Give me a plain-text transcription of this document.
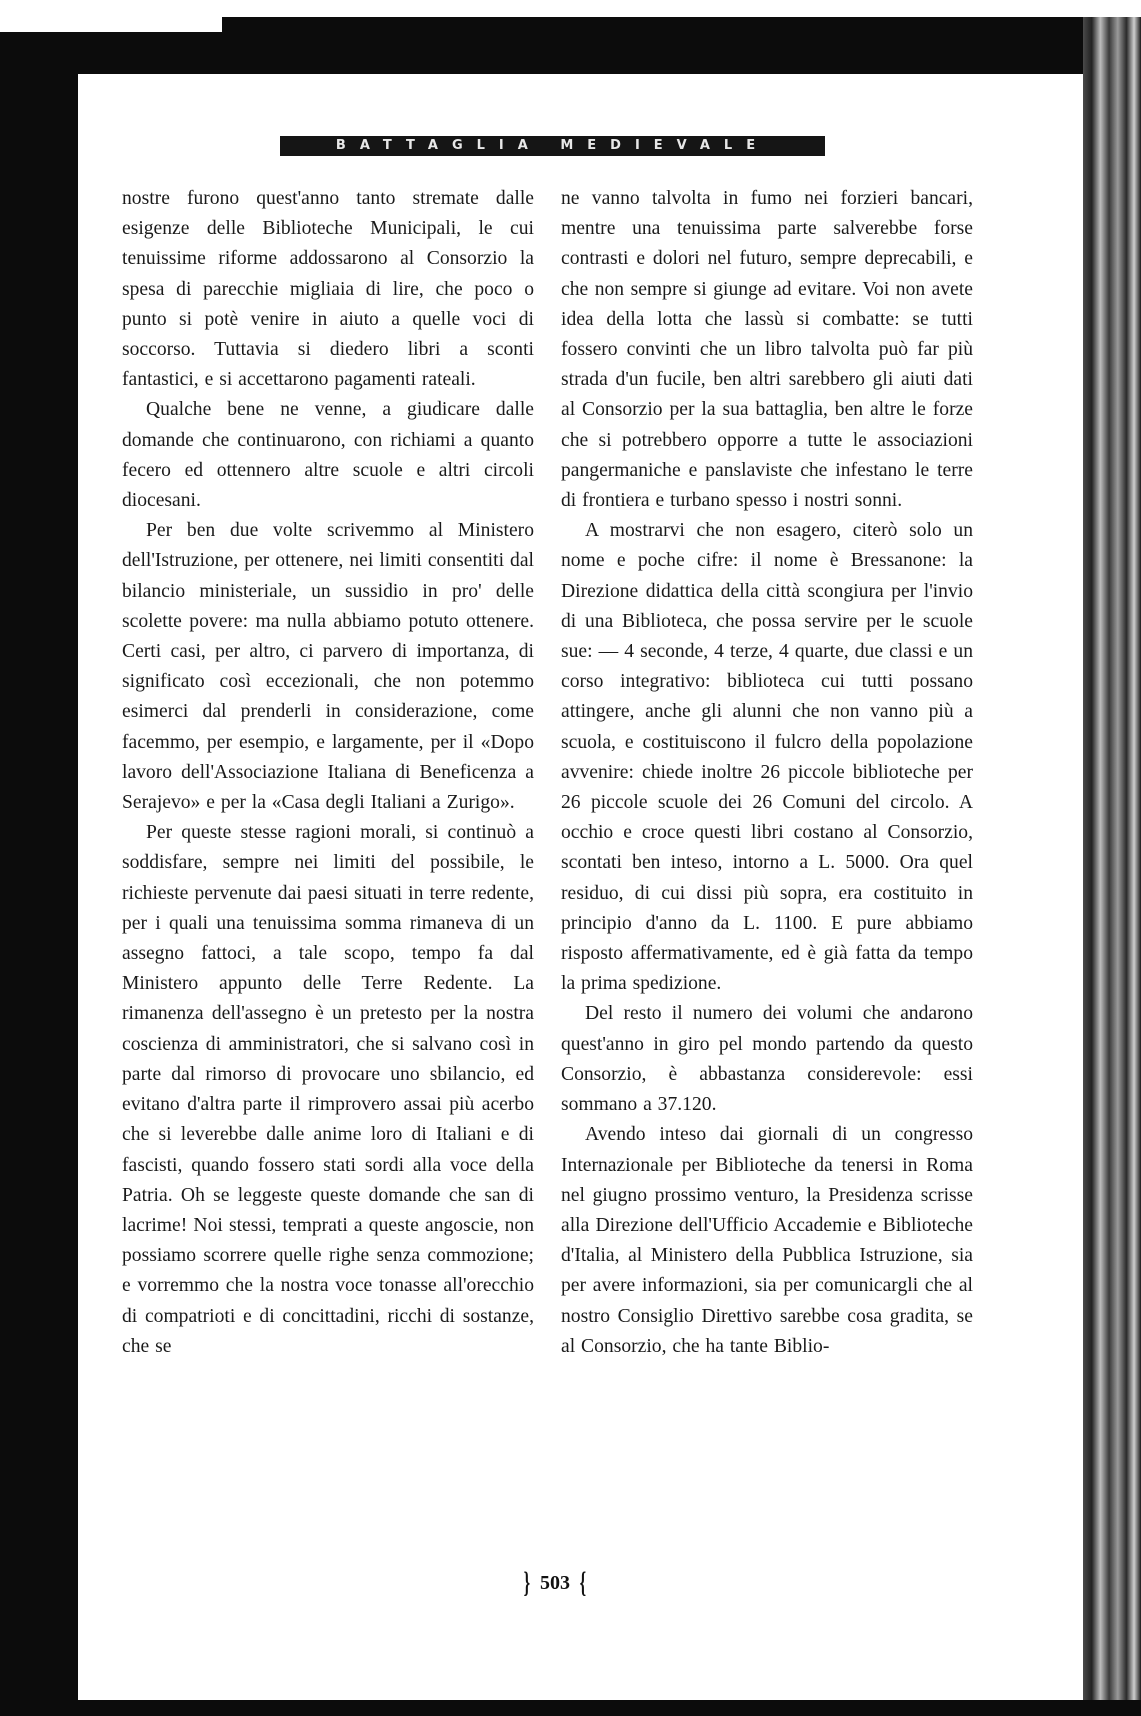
BATTAGLIA MEDIEVALE

nostre furono quest'anno tanto stremate dalle esigenze delle Biblioteche Municipali, le cui tenuissime riforme addossarono al Consorzio la spesa di parecchie migliaia di lire, che poco o punto si potè venire in aiuto a quelle voci di soccorso. Tuttavia si diedero libri a sconti fantastici, e si accettarono pagamenti rateali.

Qualche bene ne venne, a giudicare dalle domande che continuarono, con richiami a quanto fecero ed ottennero altre scuole e altri circoli diocesani.

Per ben due volte scrivemmo al Ministero dell'Istruzione, per ottenere, nei limiti consentiti dal bilancio ministeriale, un sussidio in pro' delle scolette povere: ma nulla abbiamo potuto ottenere. Certi casi, per altro, ci parvero di importanza, di significato così eccezionali, che non potemmo esimerci dal prenderli in considerazione, come facemmo, per esempio, e largamente, per il «Dopo lavoro dell'Associazione Italiana di Beneficenza a Serajevo» e per la «Casa degli Italiani a Zurigo».

Per queste stesse ragioni morali, si continuò a soddisfare, sempre nei limiti del possibile, le richieste pervenute dai paesi situati in terre redente, per i quali una tenuissima somma rimaneva di un assegno fattoci, a tale scopo, tempo fa dal Ministero appunto delle Terre Redente. La rimanenza dell'assegno è un pretesto per la nostra coscienza di amministratori, che si salvano così in parte dal rimorso di provocare uno sbilancio, ed evitano d'altra parte il rimprovero assai più acerbo che si leverebbe dalle anime loro di Italiani e di fascisti, quando fossero stati sordi alla voce della Patria. Oh se leggeste queste domande che san di lacrime! Noi stessi, temprati a queste angoscie, non possiamo scorrere quelle righe senza commozione; e vorremmo che la nostra voce tonasse all'orecchio di compatrioti e di concittadini, ricchi di sostanze, che se

ne vanno talvolta in fumo nei forzieri bancari, mentre una tenuissima parte salverebbe forse contrasti e dolori nel futuro, sempre deprecabili, e che non sempre si giunge ad evitare. Voi non avete idea della lotta che lassù si combatte: se tutti fossero convinti che un libro talvolta può far più strada d'un fucile, ben altri sarebbero gli aiuti dati al Consorzio per la sua battaglia, ben altre le forze che si potrebbero opporre a tutte le associazioni pangermaniche e panslaviste che infestano le terre di frontiera e turbano spesso i nostri sonni.

A mostrarvi che non esagero, citerò solo un nome e poche cifre: il nome è Bressanone: la Direzione didattica della città scongiura per l'invio di una Biblioteca, che possa servire per le scuole sue: — 4 seconde, 4 terze, 4 quarte, due classi e un corso integrativo: biblioteca cui tutti possano attingere, anche gli alunni che non vanno più a scuola, e costituiscono il fulcro della popolazione avvenire: chiede inoltre 26 piccole biblioteche per 26 piccole scuole dei 26 Comuni del circolo. A occhio e croce questi libri costano al Consorzio, scontati ben inteso, intorno a L. 5000. Ora quel residuo, di cui dissi più sopra, era costituito in principio d'anno da L. 1100. E pure abbiamo risposto affermativamente, ed è già fatta da tempo la prima spedizione.

Del resto il numero dei volumi che andarono quest'anno in giro pel mondo partendo da questo Consorzio, è abbastanza considerevole: essi sommano a 37.120.

Avendo inteso dai giornali di un congresso Internazionale per Biblioteche da tenersi in Roma nel giugno prossimo venturo, la Presidenza scrisse alla Direzione dell'Ufficio Accademie e Biblioteche d'Italia, al Ministero della Pubblica Istruzione, sia per avere informazioni, sia per comunicargli che al nostro Consiglio Direttivo sarebbe cosa gradita, se al Consorzio, che ha tante Biblio-

} 503 {
